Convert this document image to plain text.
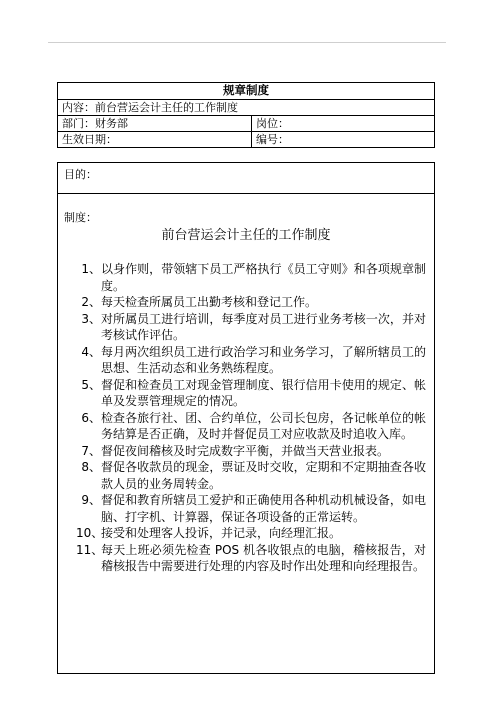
规章制度
内容：前台营运会计主任的工作制度
部门：财务部	岗位：
生效日期：	编号：
目的：
制度：
前台营运会计主任的工作制度
1、 以身作则，带领辖下员工严格执行《员工守则》和各项规章制度。
2、 每天检查所属员工出勤考核和登记工作。
3、 对所属员工进行培训，每季度对员工进行业务考核一次，并对考核试作评估。
4、 每月两次组织员工进行政治学习和业务学习，了解所辖员工的思想、生活动态和业务熟练程度。
5、 督促和检查员工对现金管理制度、银行信用卡使用的规定、帐单及发票管理规定的情况。
6、 检查各旅行社、团、合约单位，公司长包房，各记帐单位的帐务结算是否正确，及时并督促员工对应收款及时追收入库。
7、 督促夜间稽核及时完成数字平衡，并做当天营业报表。
8、 督促各收款员的现金，票证及时交收，定期和不定期抽查各收款人员的业务周转金。
9、 督促和教育所辖员工爱护和正确使用各种机动机械设备，如电脑、打字机、计算器，保证各项设备的正常运转。
10、
接受和处理客人投诉，并记录，向经理汇报。
11、
每天上班必须先检查 POS 机各收银点的电脑，稽核报告，对稽核报告中需要进行处理的内容及时作出处理和向经理报告。
